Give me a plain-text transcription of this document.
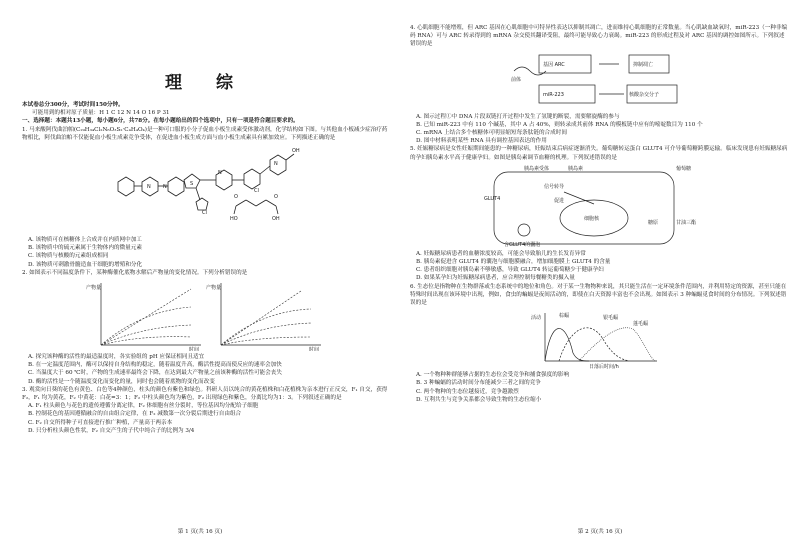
理 综

本试卷总分300分，考试时间150分钟。

可能用到的相对原子质量：H 1 C 12 N 14 O 16 P 31

一、选择题：本题共13小题，每小题6分，共78分。在每小题给出的四个选项中，只有一项是符合题目要求的。

1. 马来酸阿伐曲泊帕(C₂₉H₃₄Cl₂N₆O₃S₂·C₄H₄O₄)是一种可口服的小分子促血小板生成素受体激动剂，化学结构如下图。与其他血小板减少症治疗药物相比，阿伐曲泊帕不仅能促血小板生成素竞争受体，在促进血小板生成方面与血小板生成素具有累加效应。下列描述正确的是

N N	S
Cl
N
Cl
N
OH
HO	OH
O	O

A. 该物质可在核糖体上合成并在内质网中加工

B. 该物质中的硫元素属于生物体内的微量元素

C. 该物质与核酸的元素组成相同

D. 该物质可刺激骨髓造血干细胞的增殖和分化

2. 如图表示不同温度条件下，某种酶催化底物水解后产物量的变化情况。下列分析错误的是

产物量
时间
产物量
时间

A. 探究该种酶的活性的最适温度时，各实验组的 pH 应保证相同且适宜

B. 在一定温度范围内，酶可以保持自身结构的稳定，随着温度升高，酶活性提高而使反应的速率会加快

C. 当温度大于 60 ℃时，产物的生成速率最终会下降，在达到最大产物量之前该种酶的活性可能会丧失

D. 酶的活性是一个随温度变化而变化的量，同时也会随着底物的变化而改变

3. 观赏向日葵的花色有黄色、白色等4种颜色，柱头的颜色有紫色和绿色。科研人员以纯合的黄花植株和白花植株为亲本进行正反交，F₁ 自交，获得 F₂，F₁ 均为黄花，F₂ 中黄花：白花=3：1；F₂ 中柱头颜色均为紫色，F₂ 出现绿色和紫色，分离比均为1：3。下列叙述正确的是

A. F₁ 柱头颜色与花色的遗传遵循分离定律，F₂ 体细胞有丝分裂时，等位基因均分配给子细胞

B. 控制花色的基因遵循融合的自由组合定律，在 F₂ 减数第一次分裂后期进行自由组合

C. F₂ 自交所得种子可直接进行推广种植，产量高于两亲本

D. 只分析柱头颜色性状，F₂ 自交产生的子代中纯合子的比例为 3/4

第 1 页(共 16 页)

4. 心肌细胞不能增殖，但 ARC 基因在心肌细胞中可特异性表达以抑制其凋亡，进而维持心肌细胞的正常数量。当心肌缺血缺氧时，miR-223（一种非编码 RNA）可与 ARC 转录得到的 mRNA 杂交使其翻译受阻，最终可能导致心力衰竭。miR-223 的形成过程及对 ARC 基因的调控如图所示。下列叙述错误的是

基因 ARC	抑制凋亡
miR-223
前体
核酸杂交分子

A. 图示过程①中 DNA 片段双链打开过程中发生了氢键的断裂，需要解旋酶的参与

B. 已知 miR-223 中有 110 个碱基，其中 A 占 40%，则转录成其前体 RNA 的模板链中应有的嘧啶数目为 110 个

C. mRNA 上结合多个核糖体可明显缩短每条肽链的合成时间

D. 图中材料表明某些 RNA 具有调控基因表达的作用

5. 妊娠糖尿病是女性妊娠期间能患的一种糖尿病，妊娠结束后病症逐渐消失。葡萄糖转运蛋白 GLUT4 可介导葡萄糖跨膜运输。临床发现患有妊娠糖尿病的孕妇胰岛素水平高于健康孕妇。如图是胰岛素调节血糖的机理。下列叙述错误的是

胰岛素
胰岛素受体	葡萄糖
GLUT4
信号转导
促进
含GLUT4的囊泡
细胞核
糖原	甘油三酯

A. 妊娠糖尿病患者的血糖浓度较高，可能会导致胎儿的生长发育异常

B. 胰岛素促进含 GLUT4 的囊泡与细胞膜融合，增加细胞膜上 GLUT4 的含量

C. 患者组织细胞对胰岛素不够敏感，导致 GLUT4 转运葡萄糖少于健康孕妇

D. 如果某孕妇为妊娠糖尿病患者，应合理控制每餐糖类的摄入量

6. 生态位是指物种在生物群落或生态系统中的地位和角色。对于某一生物物种来说，其只能生活在一定环境条件范围内，并利用特定的资源，甚至只能在特殊时间出现在该环境中出现，例如，食虫的蝙蝠是夜间活动的，即使在白天资源丰富也不会出现。如图表示 3 种蝙蝠觅食时间的分布情况。下列叙述错误的是

活动	棕蝠	银毛蝠
蓬毛蝠
日落后时间/h

A. 一个物种种群能够占据的生态位会受竞争和捕食强度的影响

B. 3 种蝙蝠的活动时间分布能减少三者之间的竞争

C. 两个物种的生态位越接近，竞争越激烈

D. 互利共生与竞争关系都会导致生物的生态位缩小

第 2 页(共 16 页)
